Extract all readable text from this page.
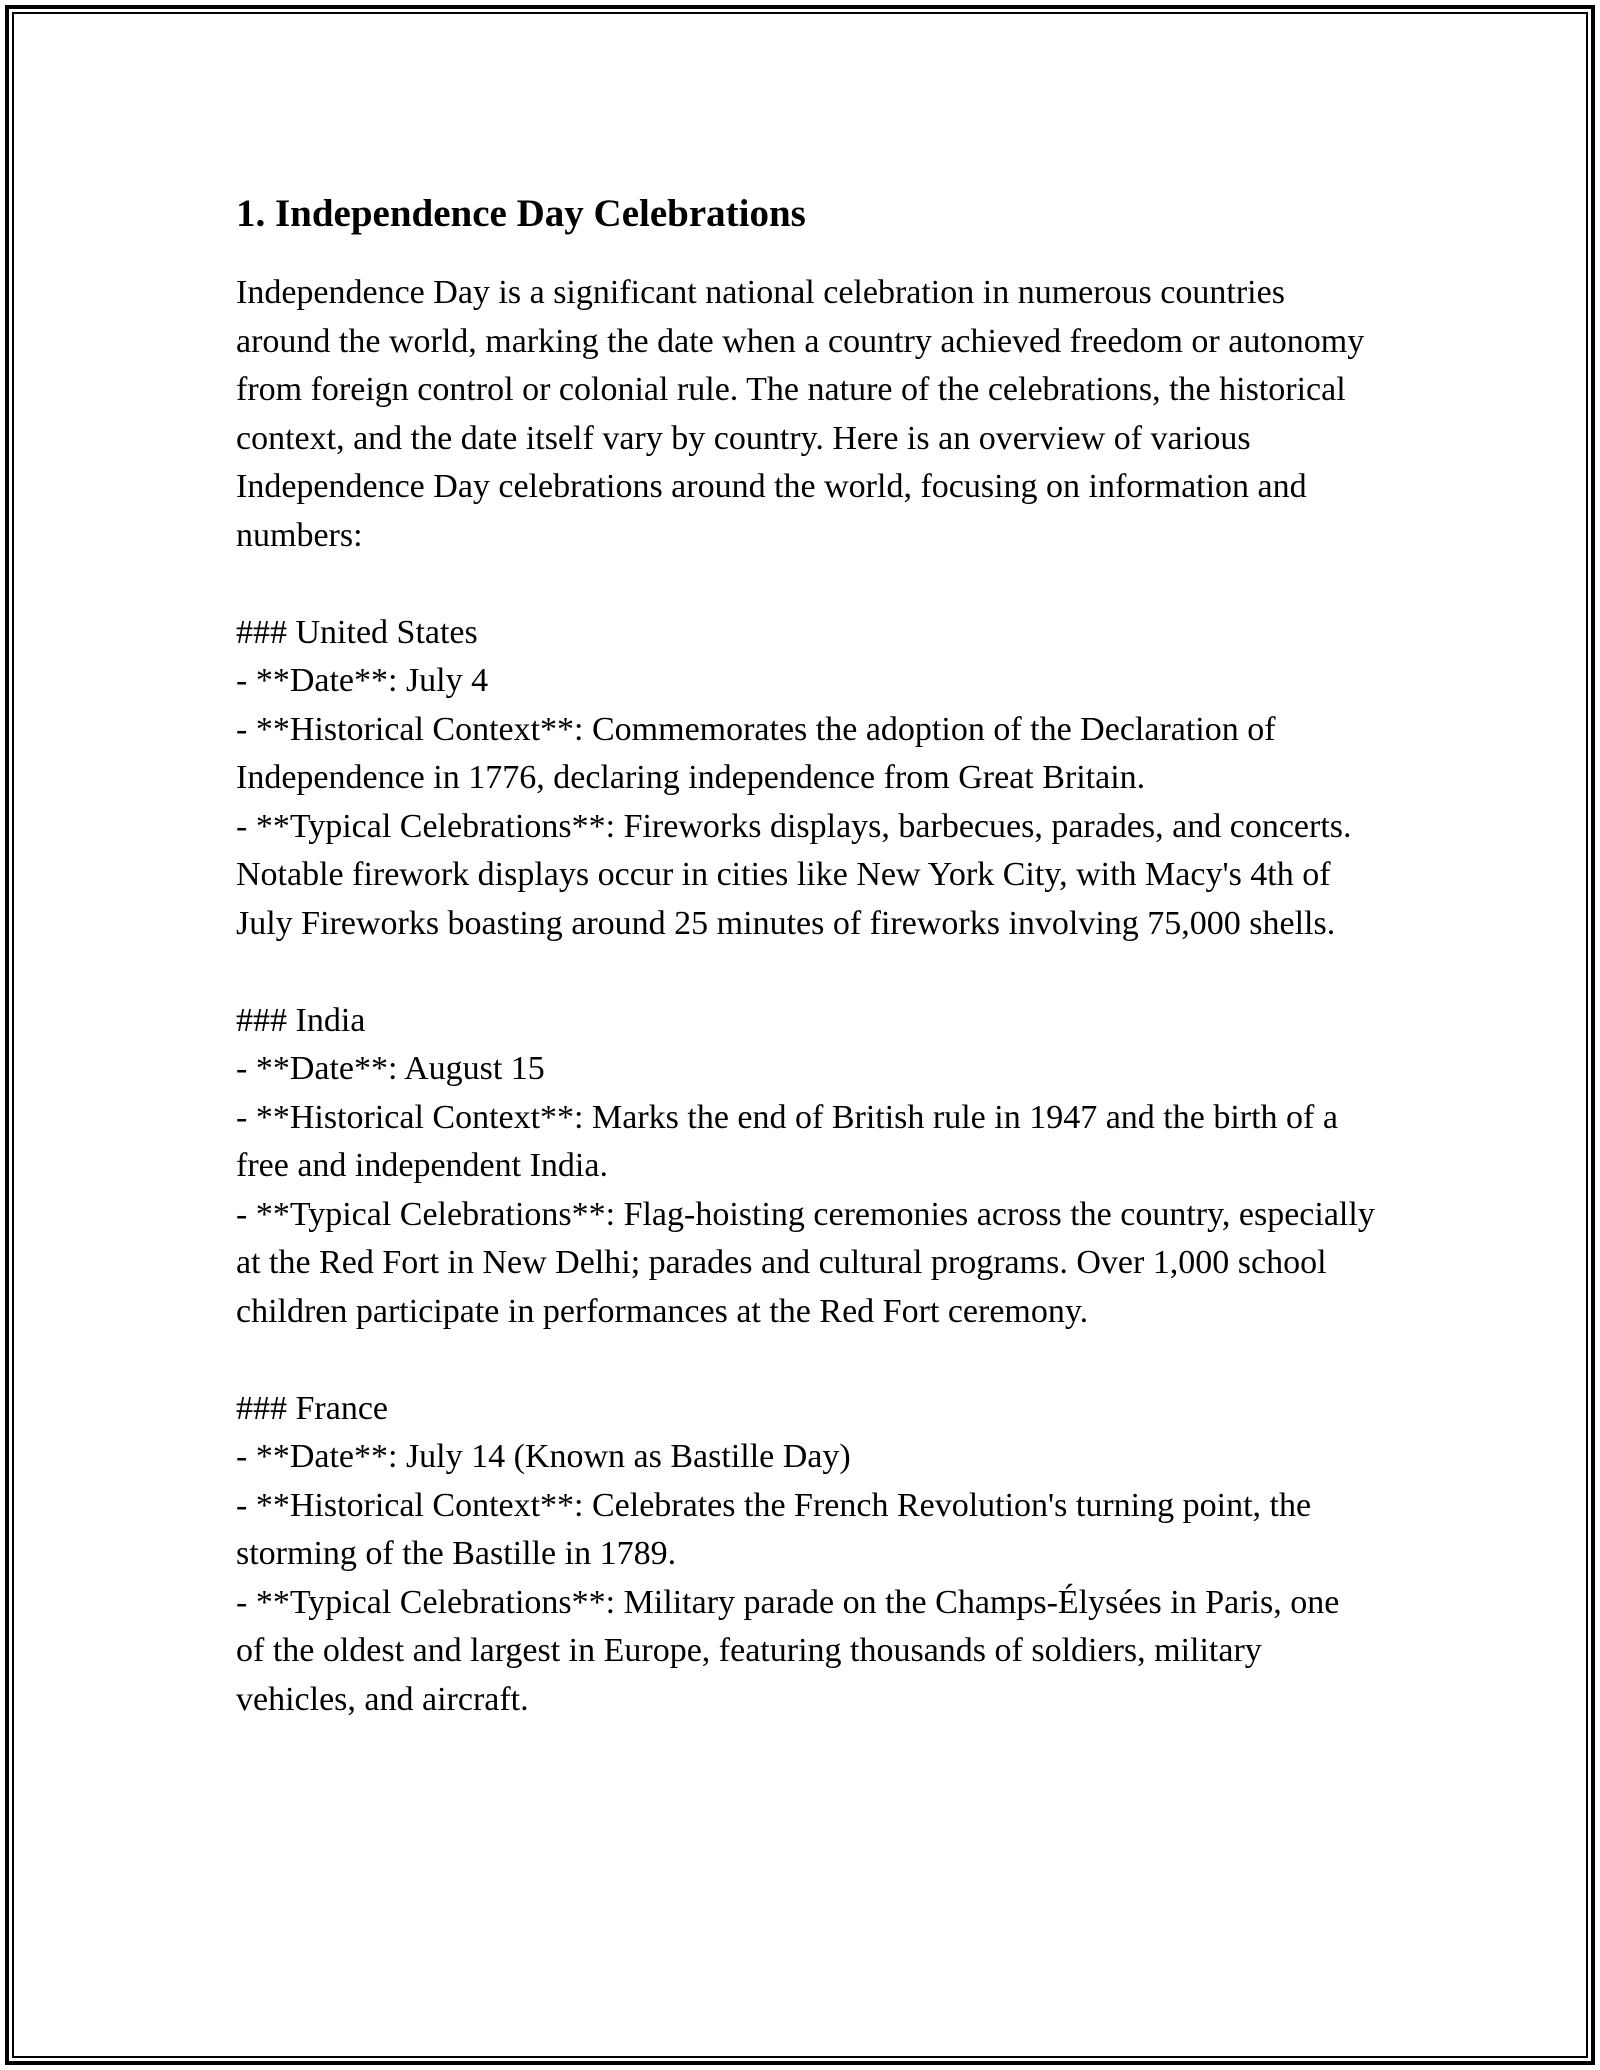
1. Independence Day Celebrations

Independence Day is a significant national celebration in numerous countries around the world, marking the date when a country achieved freedom or autonomy from foreign control or colonial rule. The nature of the celebrations, the historical context, and the date itself vary by country. Here is an overview of various Independence Day celebrations around the world, focusing on information and numbers:

### United States

- **Date**: July 4

- **Historical Context**: Commemorates the adoption of the Declaration of Independence in 1776, declaring independence from Great Britain.

- **Typical Celebrations**: Fireworks displays, barbecues, parades, and concerts. Notable firework displays occur in cities like New York City, with Macy's 4th of July Fireworks boasting around 25 minutes of fireworks involving 75,000 shells.

### India

- **Date**: August 15

- **Historical Context**: Marks the end of British rule in 1947 and the birth of a free and independent India.

- **Typical Celebrations**: Flag-hoisting ceremonies across the country, especially at the Red Fort in New Delhi; parades and cultural programs. Over 1,000 school children participate in performances at the Red Fort ceremony.

### France

- **Date**: July 14 (Known as Bastille Day)

- **Historical Context**: Celebrates the French Revolution's turning point, the storming of the Bastille in 1789.

- **Typical Celebrations**: Military parade on the Champs-Élysées in Paris, one of the oldest and largest in Europe, featuring thousands of soldiers, military vehicles, and aircraft.
